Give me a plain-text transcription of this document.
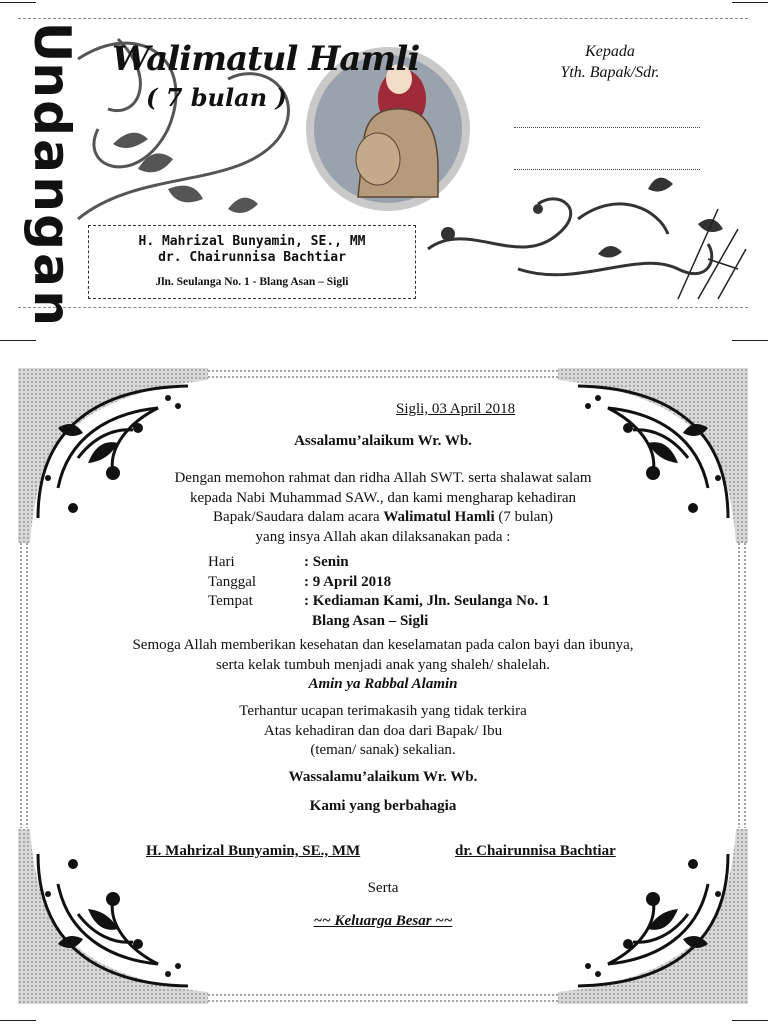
U
n
d
a
n
g
a
n
Walimatul Hamli
( 7 bulan )
H. Mahrizal Bunyamin, SE., MM
dr. Chairunnisa Bachtiar
Jln. Seulanga No. 1 - Blang Asan – Sigli
Kepada
Yth. Bapak/Sdr.
Sigli, 03 April 2018
Assalamu’alaikum Wr. Wb.
Dengan memohon rahmat dan ridha Allah SWT. serta shalawat salam
kepada Nabi Muhammad SAW., dan kami mengharap kehadiran
Bapak/Saudara dalam acara Walimatul Hamli (7 bulan)
yang insya Allah akan dilaksanakan pada :
Hari	: Senin
Tanggal	: 9 April 2018
Tempat	: Kediaman Kami, Jln. Seulanga No. 1
Blang Asan – Sigli
Semoga Allah memberikan kesehatan dan keselamatan pada calon bayi dan ibunya,
serta kelak tumbuh menjadi anak yang shaleh/ shalelah.
Amin ya Rabbal Alamin
Terhantur ucapan terimakasih yang tidak terkira
Atas kehadiran dan doa dari Bapak/ Ibu
(teman/ sanak) sekalian.
Wassalamu’alaikum Wr. Wb.
Kami yang berbahagia
H. Mahrizal Bunyamin, SE., MM	dr. Chairunnisa Bachtiar
Serta
~~ Keluarga Besar ~~
